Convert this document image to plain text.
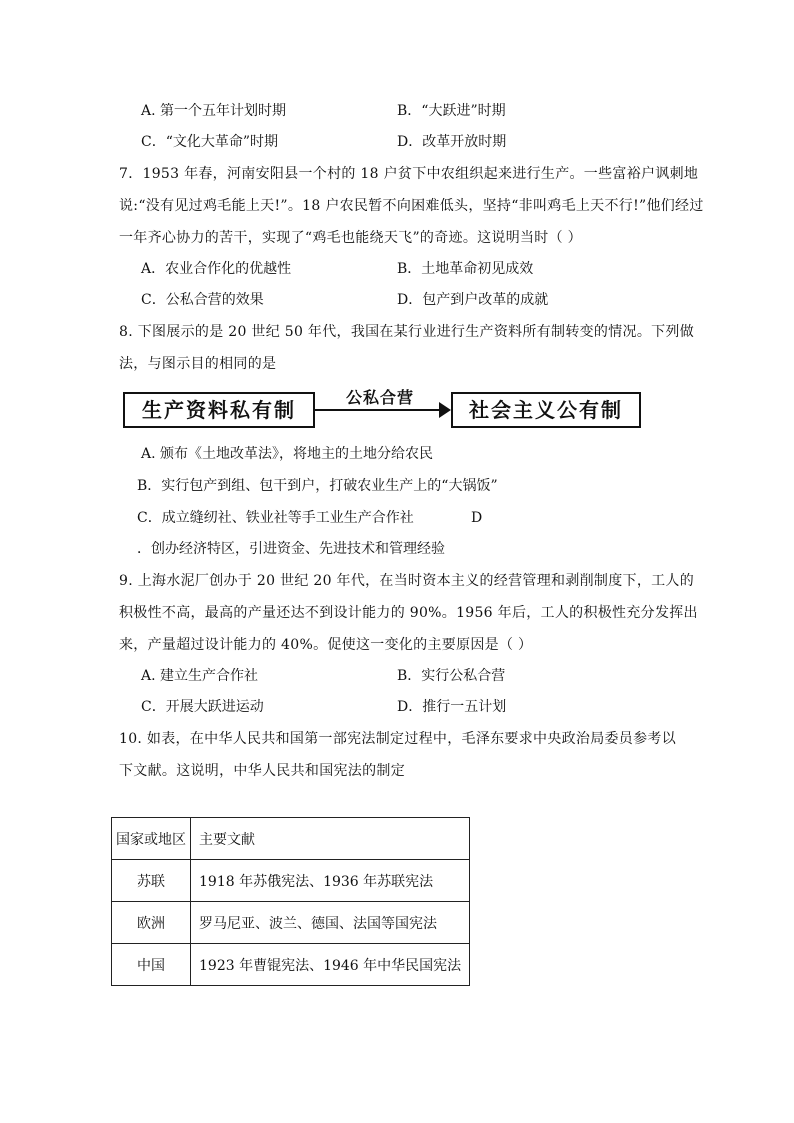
A. 第一个五年计划时期	B．“大跃进”时期
C．“文化大革命”时期	D．改革开放时期
7．1953 年春，河南安阳县一个村的 18 户贫下中农组织起来进行生产。一些富裕户讽刺地
说:“没有见过鸡毛能上天!”。18 户农民暂不向困难低头，坚持“非叫鸡毛上天不行!”他们经过
一年齐心协力的苦干，实现了“鸡毛也能绕天飞”的奇迹。这说明当时（ ）
A．农业合作化的优越性	B．土地革命初见成效
C．公私合营的效果	D．包产到户改革的成就
8. 下图展示的是 20 世纪 50 年代，我国在某行业进行生产资料所有制转变的情况。下列做
法，与图示目的相同的是
生产资料私有制
公私合营
社会主义公有制
A. 颁布《土地改革法》，将地主的土地分给农民
B．实行包产到组、包干到户，打破农业生产上的“大锅饭”
C．成立缝纫社、铁业社等手工业生产合作社	D
．创办经济特区，引进资金、先进技术和管理经验
9. 上海水泥厂创办于 20 世纪 20 年代，在当时资本主义的经营管理和剥削制度下，工人的
积极性不高，最高的产量还达不到设计能力的 90%。1956 年后，工人的积极性充分发挥出
来，产量超过设计能力的 40%。促使这一变化的主要原因是（ ）
A. 建立生产合作社	B．实行公私合营
C．开展大跃进运动	D．推行一五计划
10. 如表，在中华人民共和国第一部宪法制定过程中，毛泽东要求中央政治局委员参考以
下文献。这说明，中华人民共和国宪法的制定
国家或地区	主要文献
苏联	1918 年苏俄宪法、1936 年苏联宪法
欧洲	罗马尼亚、波兰、德国、法国等国宪法
中国	1923 年曹锟宪法、1946 年中华民国宪法
